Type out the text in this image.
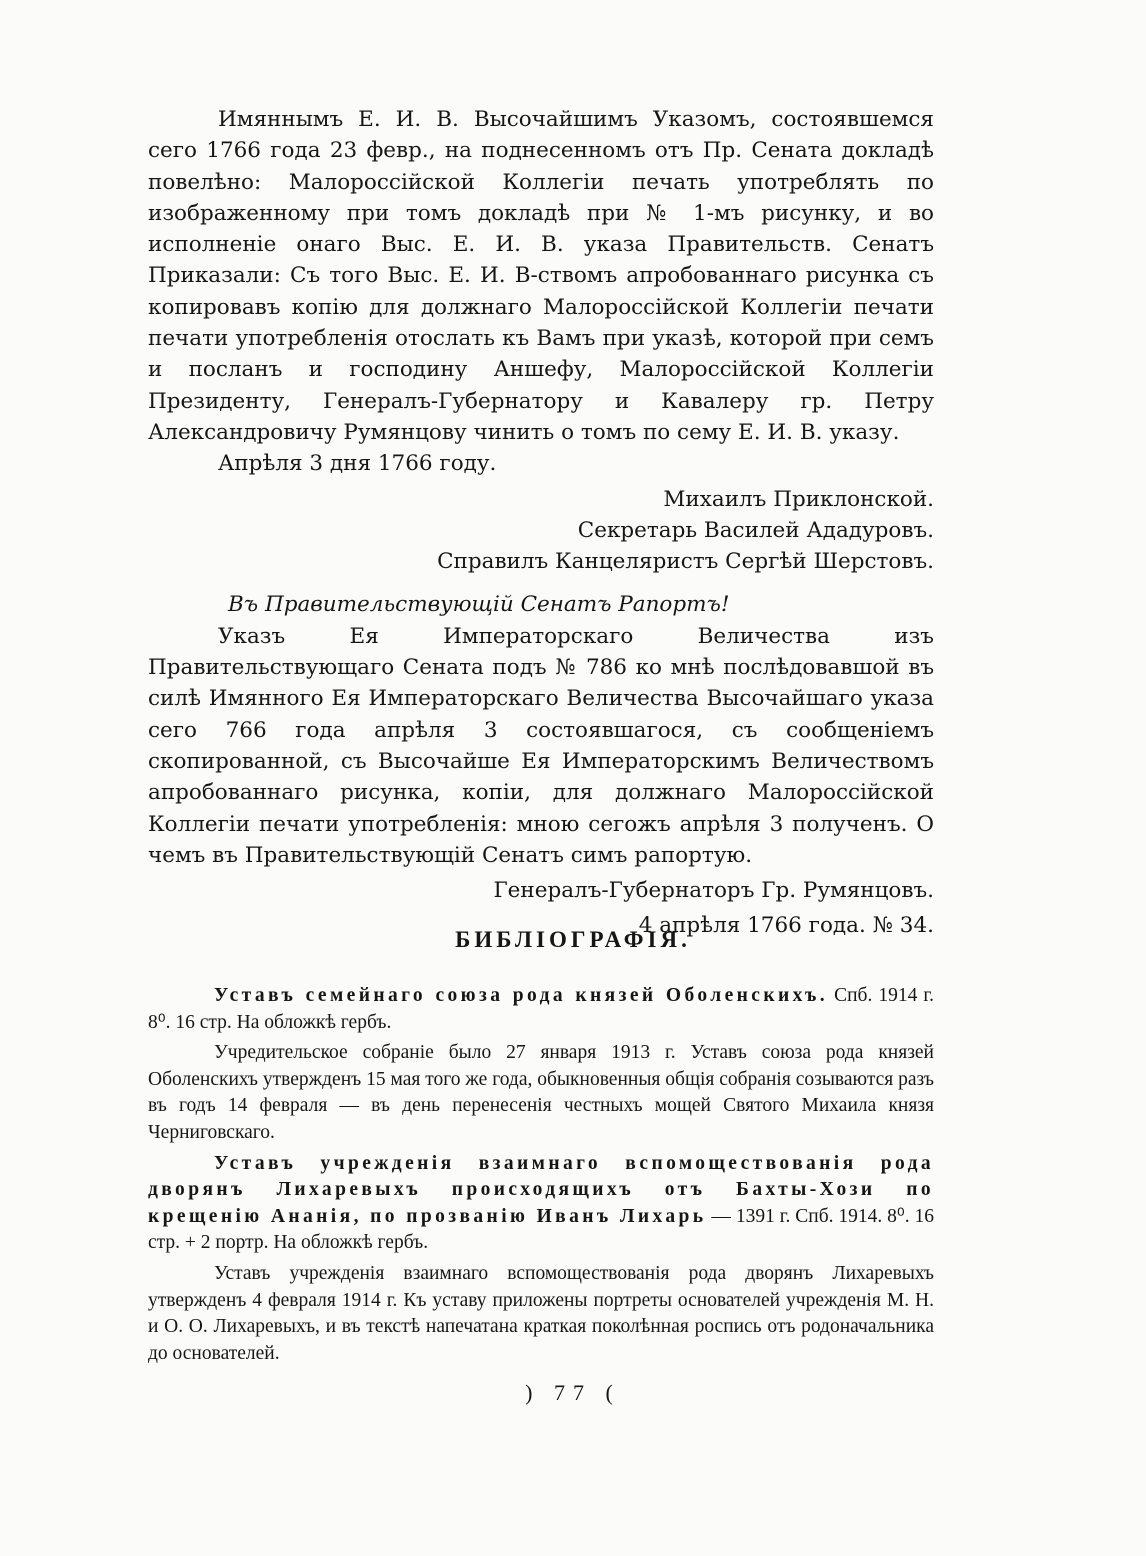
Имяннымъ Е. И. В. Высочайшимъ Указомъ, состоявшемся сего 1766 года 23 февр., на поднесенномъ отъ Пр. Сената докладѣ повелѣно: Малороссійской Коллегіи печать употреблять по изображенному при томъ докладѣ при № 1-мъ рисунку, и во исполненіе онаго Выс. Е. И. В. указа Правительств. Сенатъ Приказали: Съ того Выс. Е. И. В-ствомъ апробованнаго рисунка съ копировавъ копію для должнаго Малороссійской Коллегіи печати печати употребленія отослать къ Вамъ при указѣ, которой при семъ и посланъ и господину Аншефу, Малороссійской Коллегіи Президенту, Генералъ-Губернатору и Кавалеру гр. Петру Александровичу Румянцову чинить о томъ по сему Е. И. В. указу.

Апрѣля 3 дня 1766 году.

Михаилъ Приклонской.

Секретарь Василей Ададуровъ.

Справилъ Канцеляристъ Сергѣй Шерстовъ.

Въ Правительствующій Сенатъ Рапортъ!

Указъ Ея Императорскаго Величества изъ Правительствующаго Сената подъ № 786 ко мнѣ послѣдовавшой въ силѣ Имянного Ея Императорскаго Величества Высочайшаго указа сего 766 года апрѣля 3 состоявшагося, съ сообщеніемъ скопированной, съ Высочайше Ея Императорскимъ Величествомъ апробованнаго рисунка, копіи, для должнаго Малороссійской Коллегіи печати употребленія: мною сегожъ апрѣля 3 полученъ. О чемъ въ Правительствующій Сенатъ симъ рапортую.

Генералъ-Губернаторъ Гр. Румянцовъ.

4 апрѣля 1766 года. № 34.

БИБЛІОГРАФІЯ.

Уставъ семейнаго союза рода князей Оболенскихъ. Спб. 1914 г. 8⁰. 16 стр. На обложкѣ гербъ.

Учредительское собраніе было 27 января 1913 г. Уставъ союза рода князей Оболенскихъ утвержденъ 15 мая того же года, обыкновенныя общія собранія созываются разъ въ годъ 14 февраля — въ день перенесенія честныхъ мощей Святого Михаила князя Черниговскаго.

Уставъ учрежденія взаимнаго вспомоществованія рода дворянъ Лихаревыхъ происходящихъ отъ Бахты-Хози по крещенію Ананія, по прозванію Иванъ Лихарь — 1391 г. Спб. 1914. 8⁰. 16 стр. + 2 портр. На обложкѣ гербъ.

Уставъ учрежденія взаимнаго вспомоществованія рода дворянъ Лихаревыхъ утвержденъ 4 февраля 1914 г. Къ уставу приложены портреты основателей учрежденія М. Н. и О. О. Лихаревыхъ, и въ текстѣ напечатана краткая поколѣнная роспись отъ родоначальника до основателей.

) 77 (
